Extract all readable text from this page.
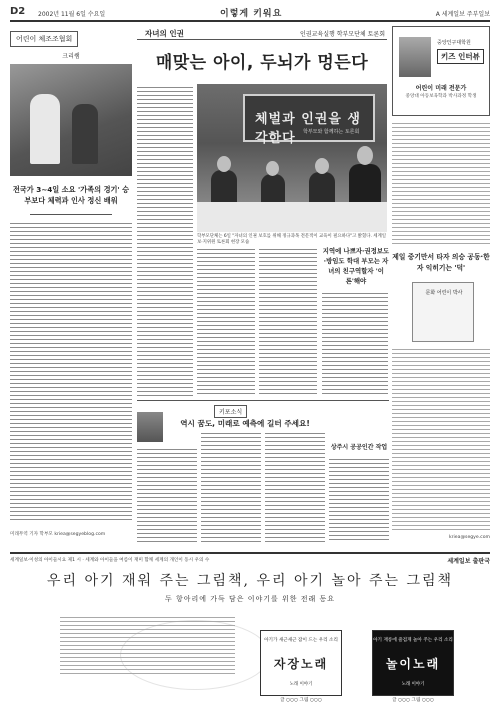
D2 2002년 11월 6일 수요일	이렇게 키워요	A 세계일보 주부일보
어린이 체조조협회
크리쌤
전국가 3~4일 소요 '가족의 경기' 승부보다 체력과 인사 정신 배워
미래무역 기자 학부모 kriea@segyeblog.com
자녀의 인권	인권교육실행 학부모단체 토론회
매맞는 아이, 두뇌가 멍든다
체벌과 인권을 생각한다	학부모와 함께하는 토론회
학부모단체는 6일 "자녀의 인권 보호를 위해 정규과목 전문적이 교육이 필요하다"고 밝혔다. 세계일보·지위원 토론회 현장 모습
지역에 나쁘자·권정보도·방임도 학대 부모는 자녀의 친구역할자 '이론'해야
키포소식
역시 꿈도, 미래로 예측에 길터 주세요!
상주시 공공인간 작업
중앙인구대학원
키즈 인터뷰
어린이 미래 전문가
중앙대 아동보육학과 박사과정 학생
제일 중기만서 타자 의승 공동·한자 익히기는 '덕'
문화 어린이 박사
kriea@segye.com
세계일보·이성의 아이들시요 제1 시 · 세계와 아이들을 여름이 재미 함께 세계의 개인이 동시 우의 수	세계일보 출판국
우리 아기 재워 주는 그림책, 우리 아기 놀아 주는 그림책
두 항아리에 가득 담은 이야기를 위한 전래 동요
아기가 새근새근 잠이 드는 우리 소리
자장노래
노래 이야기
아기 재롱에 즐겁게 놀아 주는 우리 소리
놀이노래
노래 이야기
글 ○○○ 그림 ○○○	글 ○○○ 그림 ○○○
